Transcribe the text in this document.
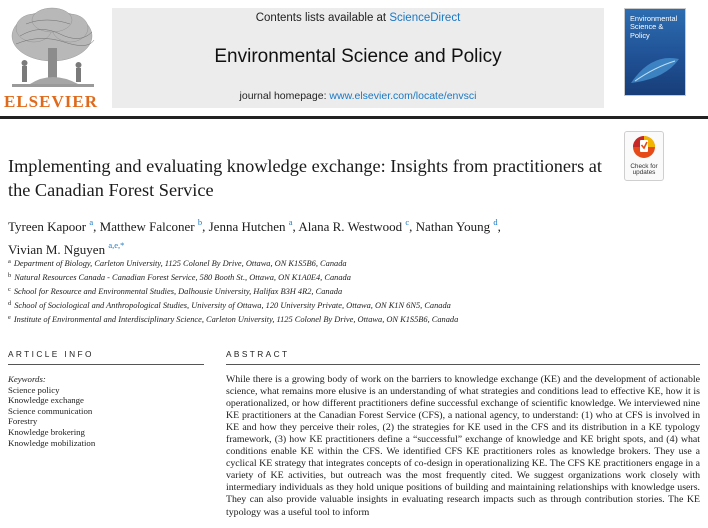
ELSEVIER
Contents lists available at ScienceDirect
Environmental Science and Policy
journal homepage: www.elsevier.com/locate/envsci
Environmental Science & Policy
Implementing and evaluating knowledge exchange: Insights from practitioners at the Canadian Forest Service
Check for
updates
Tyreen Kapoor $^a$, Matthew Falconer $^b$, Jenna Hutchen $^a$, Alana R. Westwood $^c$, Nathan Young $^d$,
Vivian M. Nguyen $^{a,e,*}$
$^a$ Department of Biology, Carleton University, 1125 Colonel By Drive, Ottawa, ON K1S5B6, Canada
$^b$ Natural Resources Canada - Canadian Forest Service, 580 Booth St., Ottawa, ON K1A0E4, Canada
$^c$ School for Resource and Environmental Studies, Dalhousie University, Halifax B3H 4R2, Canada
$^d$ School of Sociological and Anthropological Studies, University of Ottawa, 120 University Private, Ottawa, ON K1N 6N5, Canada
$^e$ Institute of Environmental and Interdisciplinary Science, Carleton University, 1125 Colonel By Drive, Ottawa, ON K1S5B6, Canada
ARTICLE INFO	ABSTRACT
Keywords:
Science policy
Knowledge exchange
Science communication
Forestry
Knowledge brokering
Knowledge mobilization
While there is a growing body of work on the barriers to knowledge exchange (KE) and the development of actionable science, what remains more elusive is an understanding of what strategies and conditions lead to effective KE, how it is operationalized, or how different practitioners define successful exchange of scientific knowledge. We interviewed nine KE practitioners at the Canadian Forest Service (CFS), a national agency, to understand: (1) who at CFS is involved in KE and how they perceive their roles, (2) the strategies for KE used in the CFS and its distribution in a KE typology framework, (3) how KE practitioners define a “successful” exchange of knowledge and KE bright spots, and (4) what conditions enable KE within the CFS. We identified CFS KE practitioners roles as knowledge brokers. They use a cyclical KE strategy that integrates concepts of co-design in operationalizing KE. The CFS KE practitioners engage in a variety of KE activities, but outreach was the most frequently cited. We suggest organizations work closely with intermediary individuals as they hold unique positions of building and maintaining relationships with knowledge users. They can also provide valuable insights in evaluating research impacts such as through contribution stories. The KE typology was a useful tool to inform
